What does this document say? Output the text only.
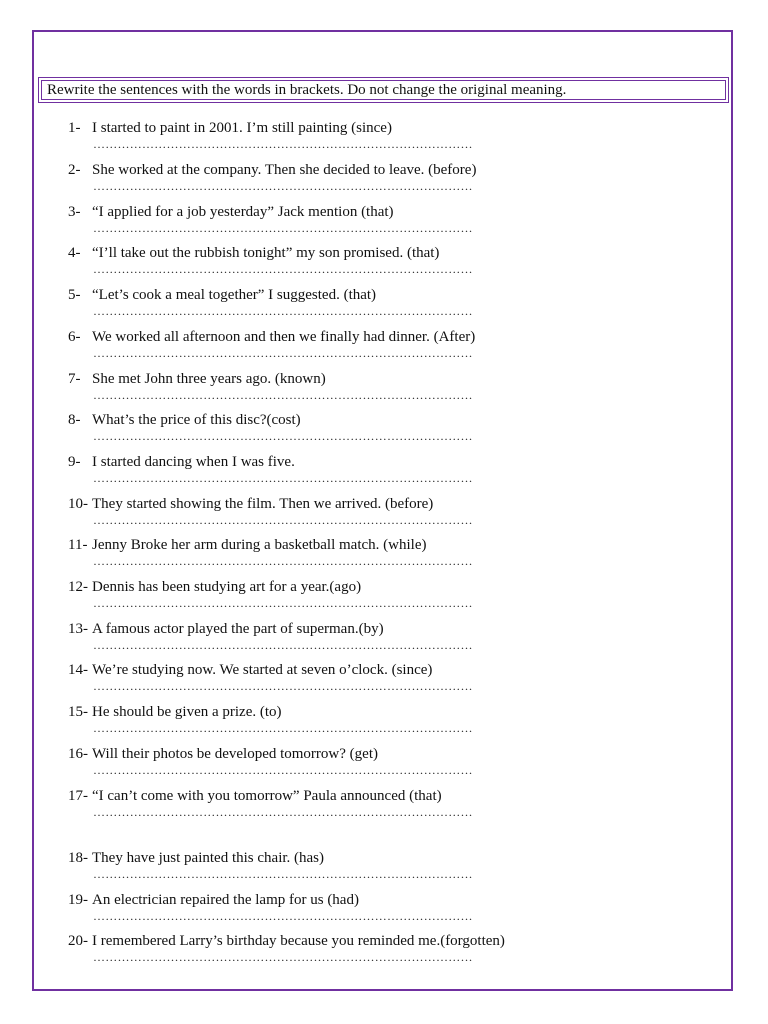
Rewrite the sentences with the words in brackets. Do not change the original meaning.
1- I started to paint in 2001. I’m still painting (since)
…………………………………………………………………………………
2- She worked at the company. Then she decided to leave. (before)
…………………………………………………………………………………
3- “I applied for a job yesterday” Jack mention (that)
…………………………………………………………………………………
4- “I’ll take out the rubbish tonight” my son promised. (that)
…………………………………………………………………………………
5- “Let’s cook a meal together” I suggested. (that)
…………………………………………………………………………………
6- We worked all afternoon and then we finally had dinner. (After)
…………………………………………………………………………………
7- She met John three years ago. (known)
…………………………………………………………………………………
8- What’s the price of this disc?(cost)
…………………………………………………………………………………
9- I started dancing when I was five.
…………………………………………………………………………………
10- They started showing the film. Then we arrived. (before)
…………………………………………………………………………………
11- Jenny Broke her arm during a basketball match. (while)
…………………………………………………………………………………
12- Dennis has been studying art for a year.(ago)
…………………………………………………………………………………
13- A famous actor played the part of superman.(by)
…………………………………………………………………………………
14- We’re studying now. We started at seven o’clock. (since)
…………………………………………………………………………………
15- He should be given a prize. (to)
…………………………………………………………………………………
16- Will their photos be developed tomorrow? (get)
…………………………………………………………………………………
17- “I can’t come with you tomorrow” Paula announced (that)
…………………………………………………………………………………
18- They have just painted this chair. (has)
…………………………………………………………………………………
19- An electrician repaired the lamp for us (had)
…………………………………………………………………………………
20- I remembered Larry’s birthday because you reminded me.(forgotten)
…………………………………………………………………………………
